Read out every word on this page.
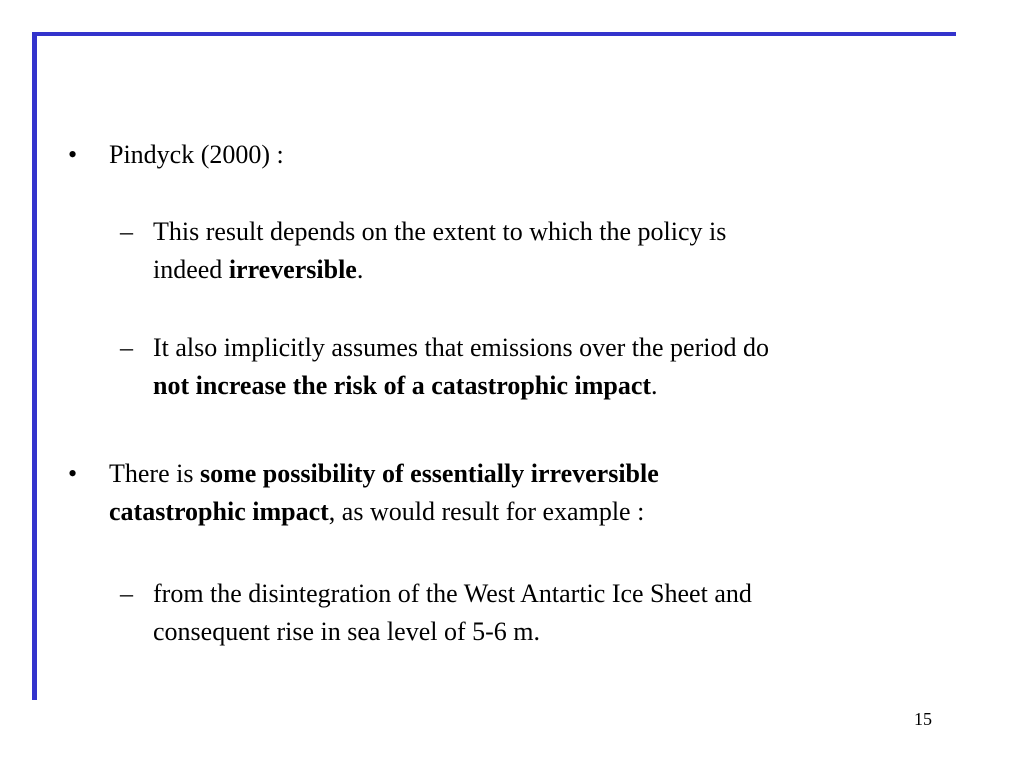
• Pindyck (2000) :
– This result depends on the extent to which the policy is
indeed irreversible.
– It also implicitly assumes that emissions over the period do
not increase the risk of a catastrophic impact.
• There is some possibility of essentially irreversible
catastrophic impact, as would result for example :
– from the disintegration of the West Antartic Ice Sheet and
consequent rise in sea level of 5-6 m.
15
